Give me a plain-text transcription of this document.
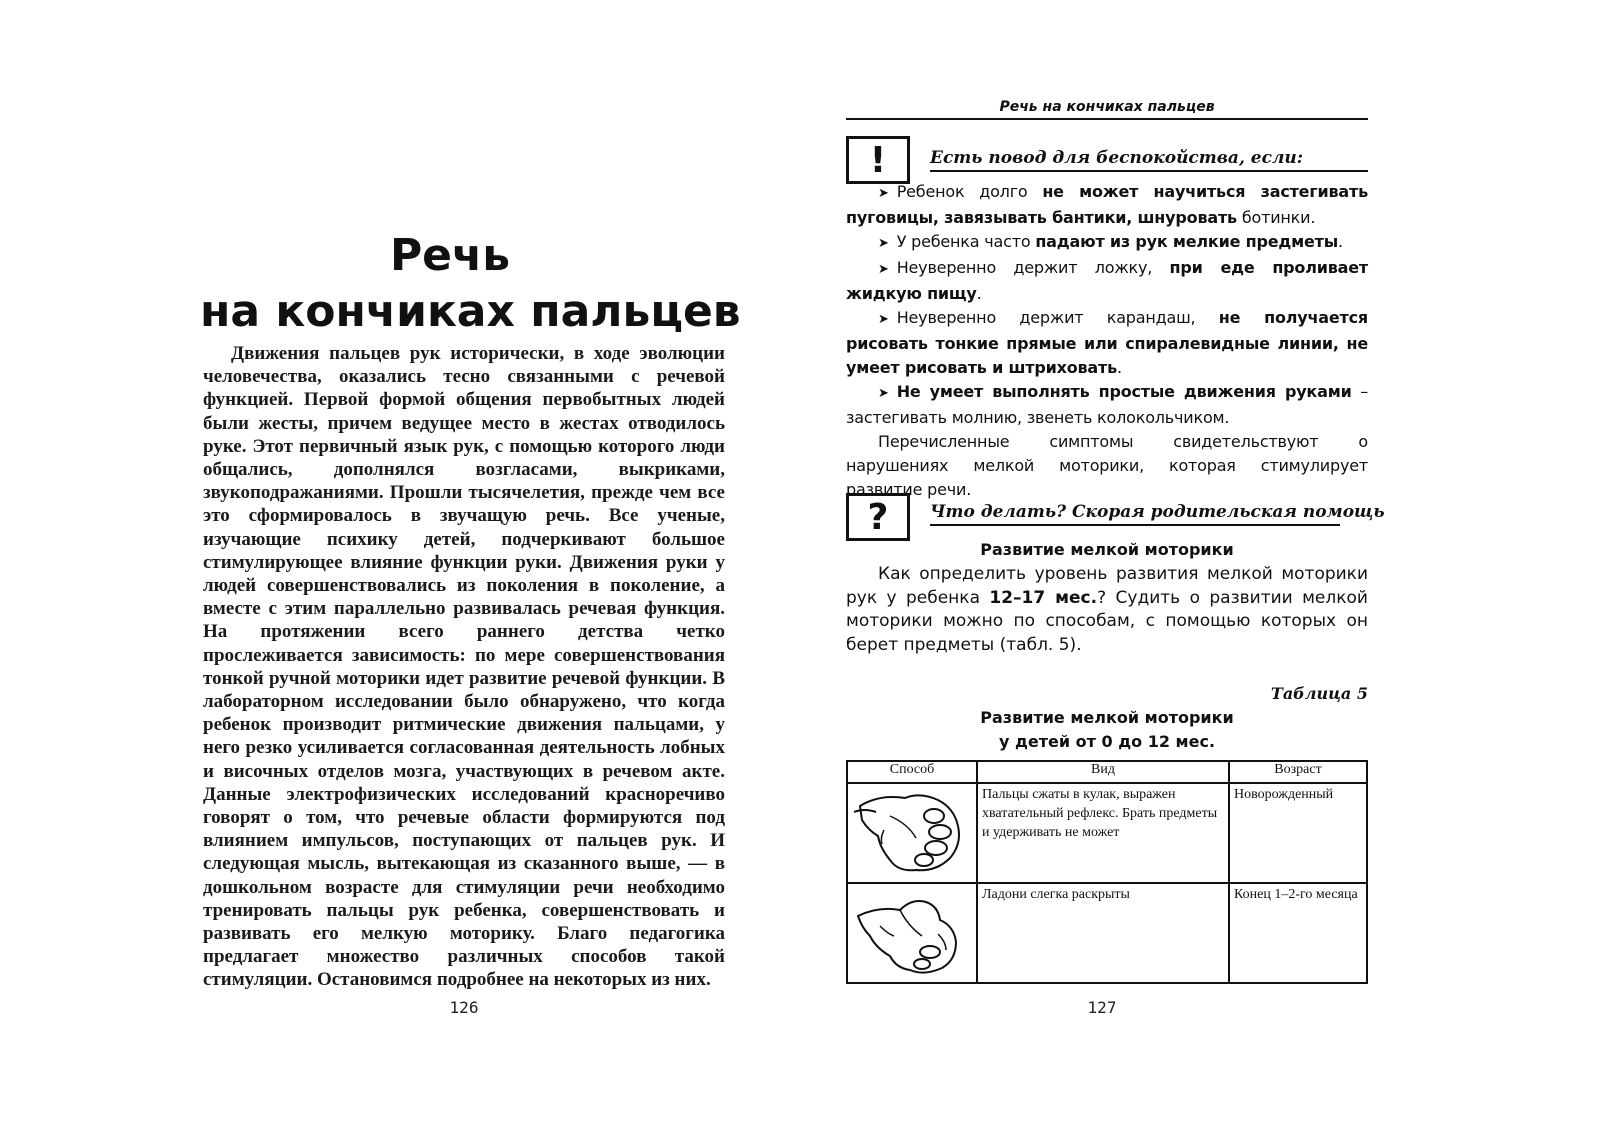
Речь
на кончиках пальцев

Движения пальцев рук исторически, в ходе эволюции человечества, оказались тесно связанными с речевой функцией. Первой формой общения первобытных людей были жесты, причем ведущее место в жестах отводилось руке. Этот первичный язык рук, с помощью которого люди общались, дополнялся возгласами, выкриками, звукоподражаниями. Прошли тысячелетия, прежде чем все это сформировалось в звучащую речь. Все ученые, изучающие психику детей, подчеркивают большое стимулирующее влияние функции руки. Движения руки у людей совершенствовались из поколения в поколение, а вместе с этим параллельно развивалась речевая функция. На протяжении всего раннего детства четко прослеживается зависимость: по мере совершенствования тонкой ручной моторики идет развитие речевой функции. В лабораторном исследовании было обнаружено, что когда ребенок производит ритмические движения пальцами, у него резко усиливается согласованная деятельность лобных и височных отделов мозга, участвующих в речевом акте. Данные электрофизических исследований красноречиво говорят о том, что речевые области формируются под влиянием импульсов, поступающих от пальцев рук. И следующая мысль, вытекающая из сказанного выше, — в дошкольном возрасте для стимуляции речи необходимо тренировать пальцы рук ребенка, совершенствовать и развивать его мелкую моторику. Благо педагогика предлагает множество различных способов такой стимуляции. Остановимся подробнее на некоторых из них.

126
Речь на кончиках пальцев
!	Есть повод для беспокойства, если:

➤ Ребенок долго не может научиться застегивать пуговицы, завязывать бантики, шнуровать ботинки.

➤ У ребенка часто падают из рук мелкие предметы.

➤ Неуверенно держит ложку, при еде проливает жидкую пищу.

➤ Неуверенно держит карандаш, не получается рисовать тонкие прямые или спиралевидные линии, не умеет рисовать и штриховать.

➤ Не умеет выполнять простые движения руками – застегивать молнию, звенеть колокольчиком.

Перечисленные симптомы свидетельствуют о нарушениях мелкой моторики, которая стимулирует развитие речи.

?	Что делать? Скорая родительская помощь
Развитие мелкой моторики

Как определить уровень развития мелкой моторики рук у ребенка 12–17 мес.? Судить о развитии мелкой моторики можно по способам, с помощью которых он берет предметы (табл. 5).

Таблица 5
Развитие мелкой моторики
у детей от 0 до 12 мес.
Способ	Вид	Возраст

	Пальцы сжаты в кулак, выражен хватательный рефлекс. Брать предметы и удерживать не может	Новорожденный

	Ладони слегка раскрыты	Конец 1–2-го месяца
127
